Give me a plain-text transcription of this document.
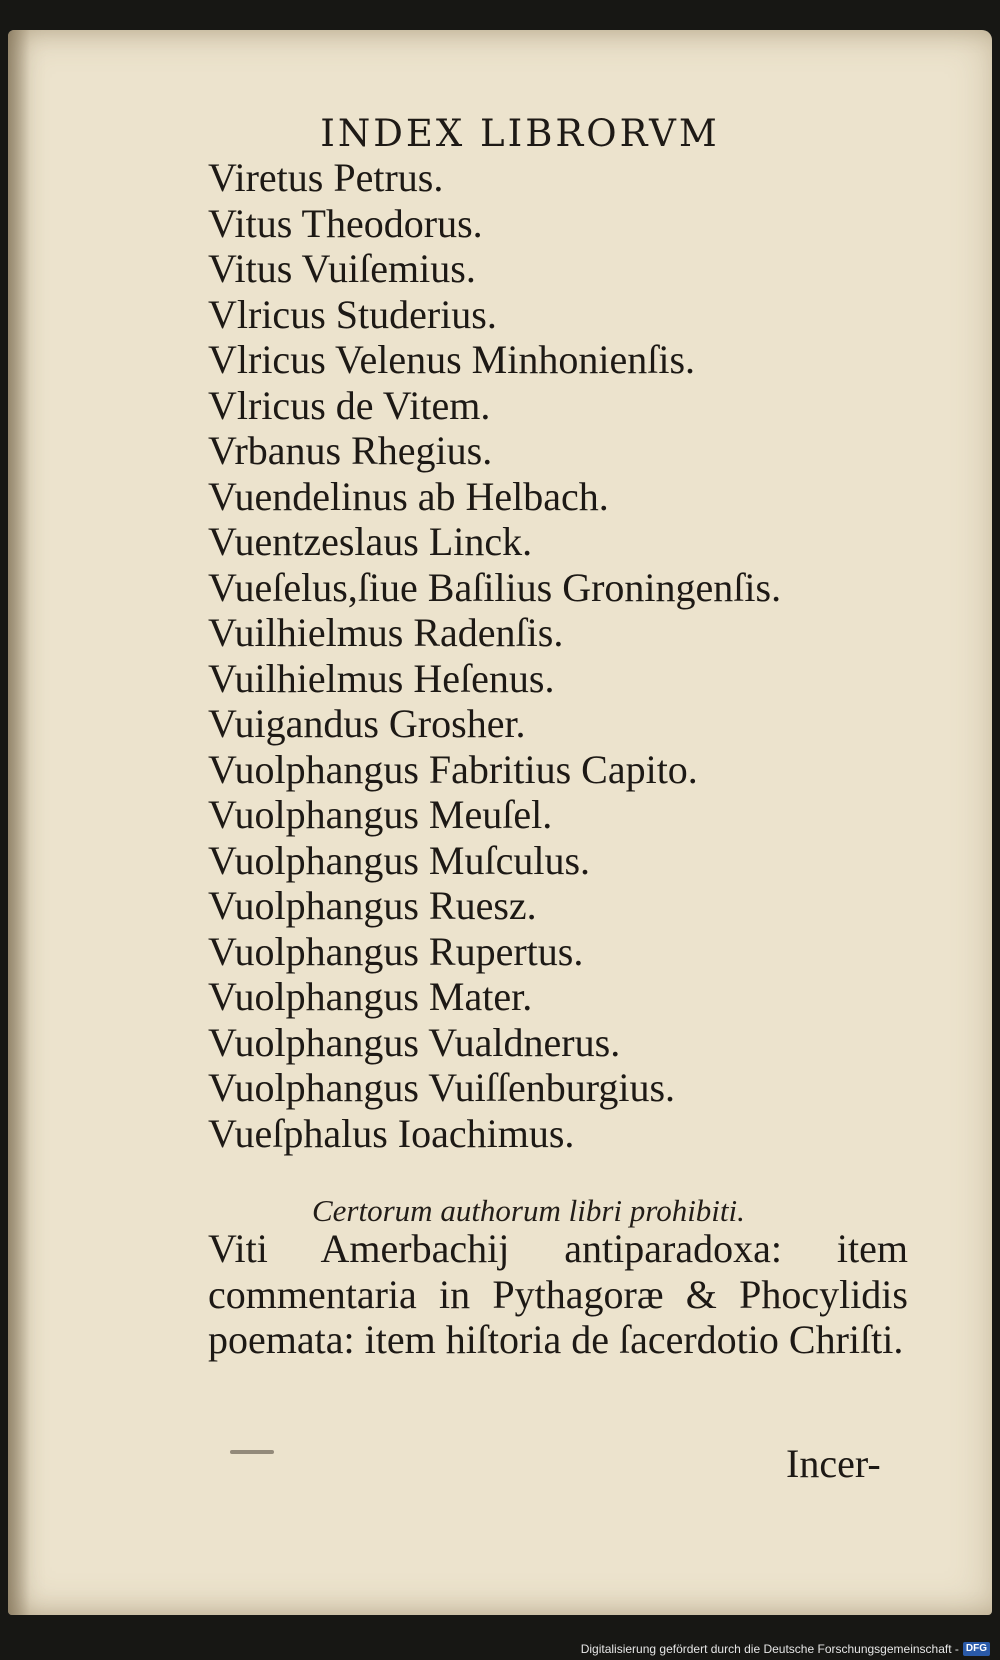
INDEX LIBRORVM
Viretus Petrus.
Vitus Theodorus.
Vitus Vuiſemius.
Vlricus Studerius.
Vlricus Velenus Minhonienſis.
Vlricus de Vitem.
Vrbanus Rhegius.
Vuendelinus ab Helbach.
Vuentzeslaus Linck.
Vueſelus,ſiue Baſilius Groningenſis.
Vuilhielmus Radenſis.
Vuilhielmus Heſenus.
Vuigandus Grosher.
Vuolphangus Fabritius Capito.
Vuolphangus Meuſel.
Vuolphangus Muſculus.
Vuolphangus Ruesz.
Vuolphangus Rupertus.
Vuolphangus Mater.
Vuolphangus Vualdnerus.
Vuolphangus Vuiſſenburgius.
Vueſphalus Ioachimus.
Certorum authorum libri prohibiti.

Viti Amerbachij antiparadoxa: item commentaria in Pythagoræ & Phocylidis poemata: item hiſtoria de ſacerdotio Chriſti.

Incer-
Digitalisierung gefördert durch die Deutsche Forschungsgemeinschaft - DFG
